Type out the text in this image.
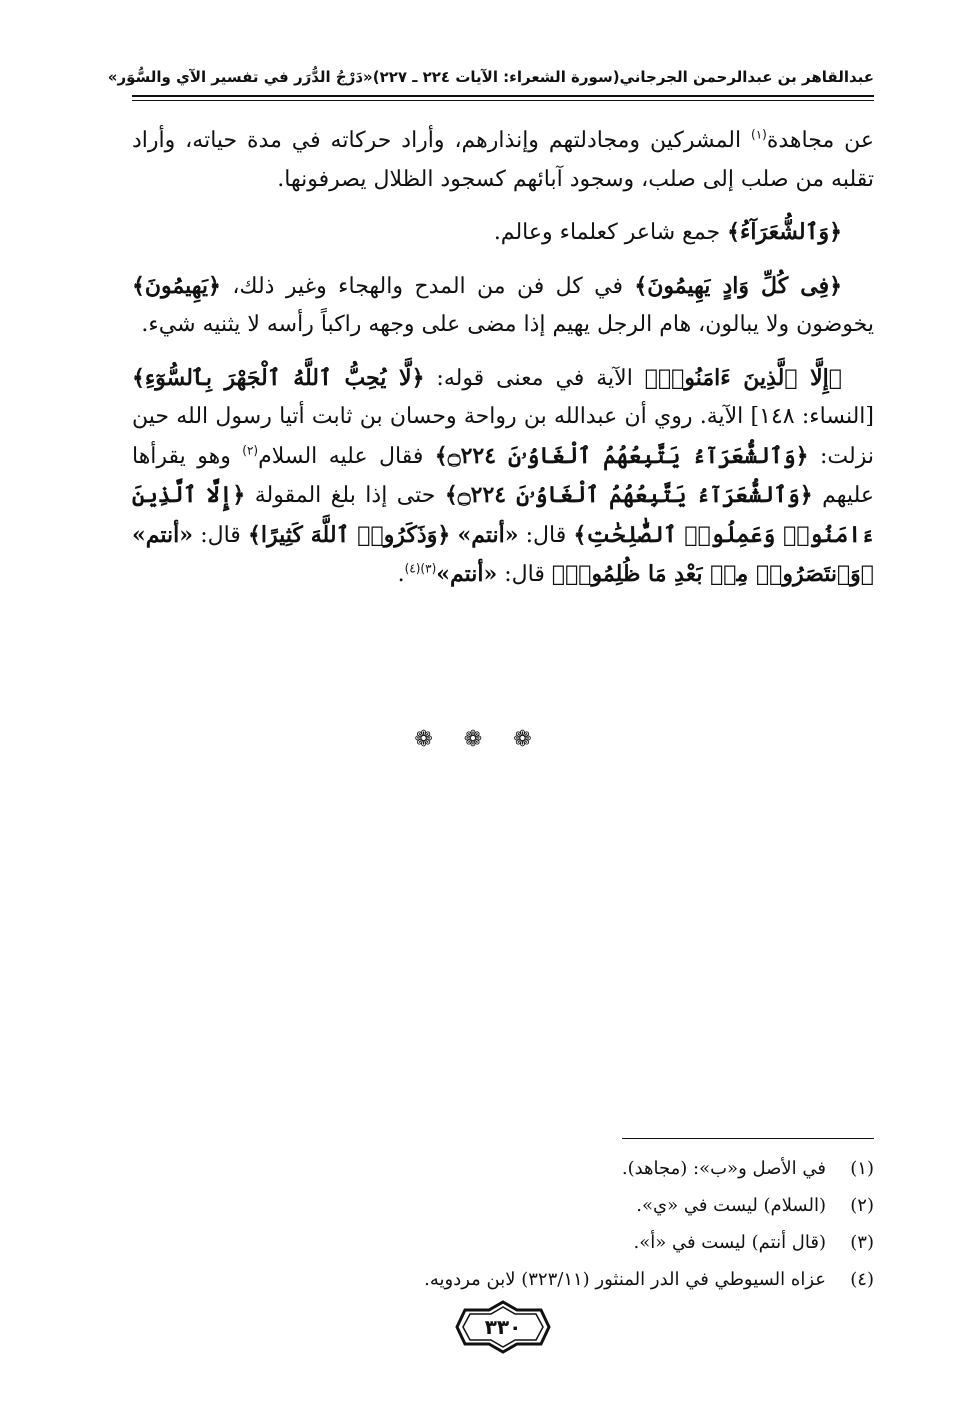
عبدالقاهر بن عبدالرحمن الجرجاني
(سورة الشعراء: الآيات ٢٢٤ ـ ٢٢٧)
«دَرْجُ الدُّرَر في تفسير الآي والسُّوَر»

عن مجاهدة$^{(١)}$ المشركين ومجادلتهم وإنذارهم، وأراد حركاته في مدة حياته، وأراد تقلبه من صلب إلى صلب، وسجود آبائهم كسجود الظلال يصرفونها.

﴿وَٱلشُّعَرَآءُ﴾ جمع شاعر كعلماء وعالم.

﴿فِى كُلِّ وَادٍ يَهِيمُونَ﴾ في كل فن من المدح والهجاء وغير ذلك، ﴿يَهِيمُونَ﴾ يخوضون ولا يبالون، هام الرجل يهيم إذا مضى على وجهه راكباً رأسه لا يثنيه شيء.

﴿إِلَّا ٱلَّذِينَ ءَامَنُوا۟﴾ الآية في معنى قوله: ﴿لَّا يُحِبُّ ٱللَّهُ ٱلْجَهْرَ بِٱلسُّوٓءِ﴾ [النساء: ١٤٨] الآية. روي أن عبدالله بن رواحة وحسان بن ثابت أتيا رسول الله حين نزلت: ﴿وَٱلشُّعَرَآءُ يَتَّبِعُهُمُ ٱلْغَاوُۥنَ ۝٢٢٤﴾ فقال عليه السلام$^{(٢)}$ وهو يقرأها عليهم ﴿وَٱلشُّعَرَآءُ يَتَّبِعُهُمُ ٱلْغَاوُۥنَ ۝٢٢٤﴾ حتى إذا بلغ المقولة ﴿إِلَّا ٱلَّذِينَ ءَامَنُوا۟ وَعَمِلُوا۟ ٱلصَّٰلِحَٰتِ﴾ قال: «أنتم» ﴿وَذَكَرُوا۟ ٱللَّهَ كَثِيرًا﴾ قال: «أنتم» ﴿وَٱنتَصَرُوا۟ مِنۢ بَعْدِ مَا ظُلِمُوا۟﴾ قال: «أنتم»$^{(٣)(٤)}$.

❁ ❁ ❁
(١)
في الأصل و«ب»: (مجاهد).
(٢)
(السلام) ليست في «ي».
(٣)
(قال أنتم) ليست في «أ».
(٤)
عزاه السيوطي في الدر المنثور (٣٢٣/١١) لابن مردويه.
٣٣٠
